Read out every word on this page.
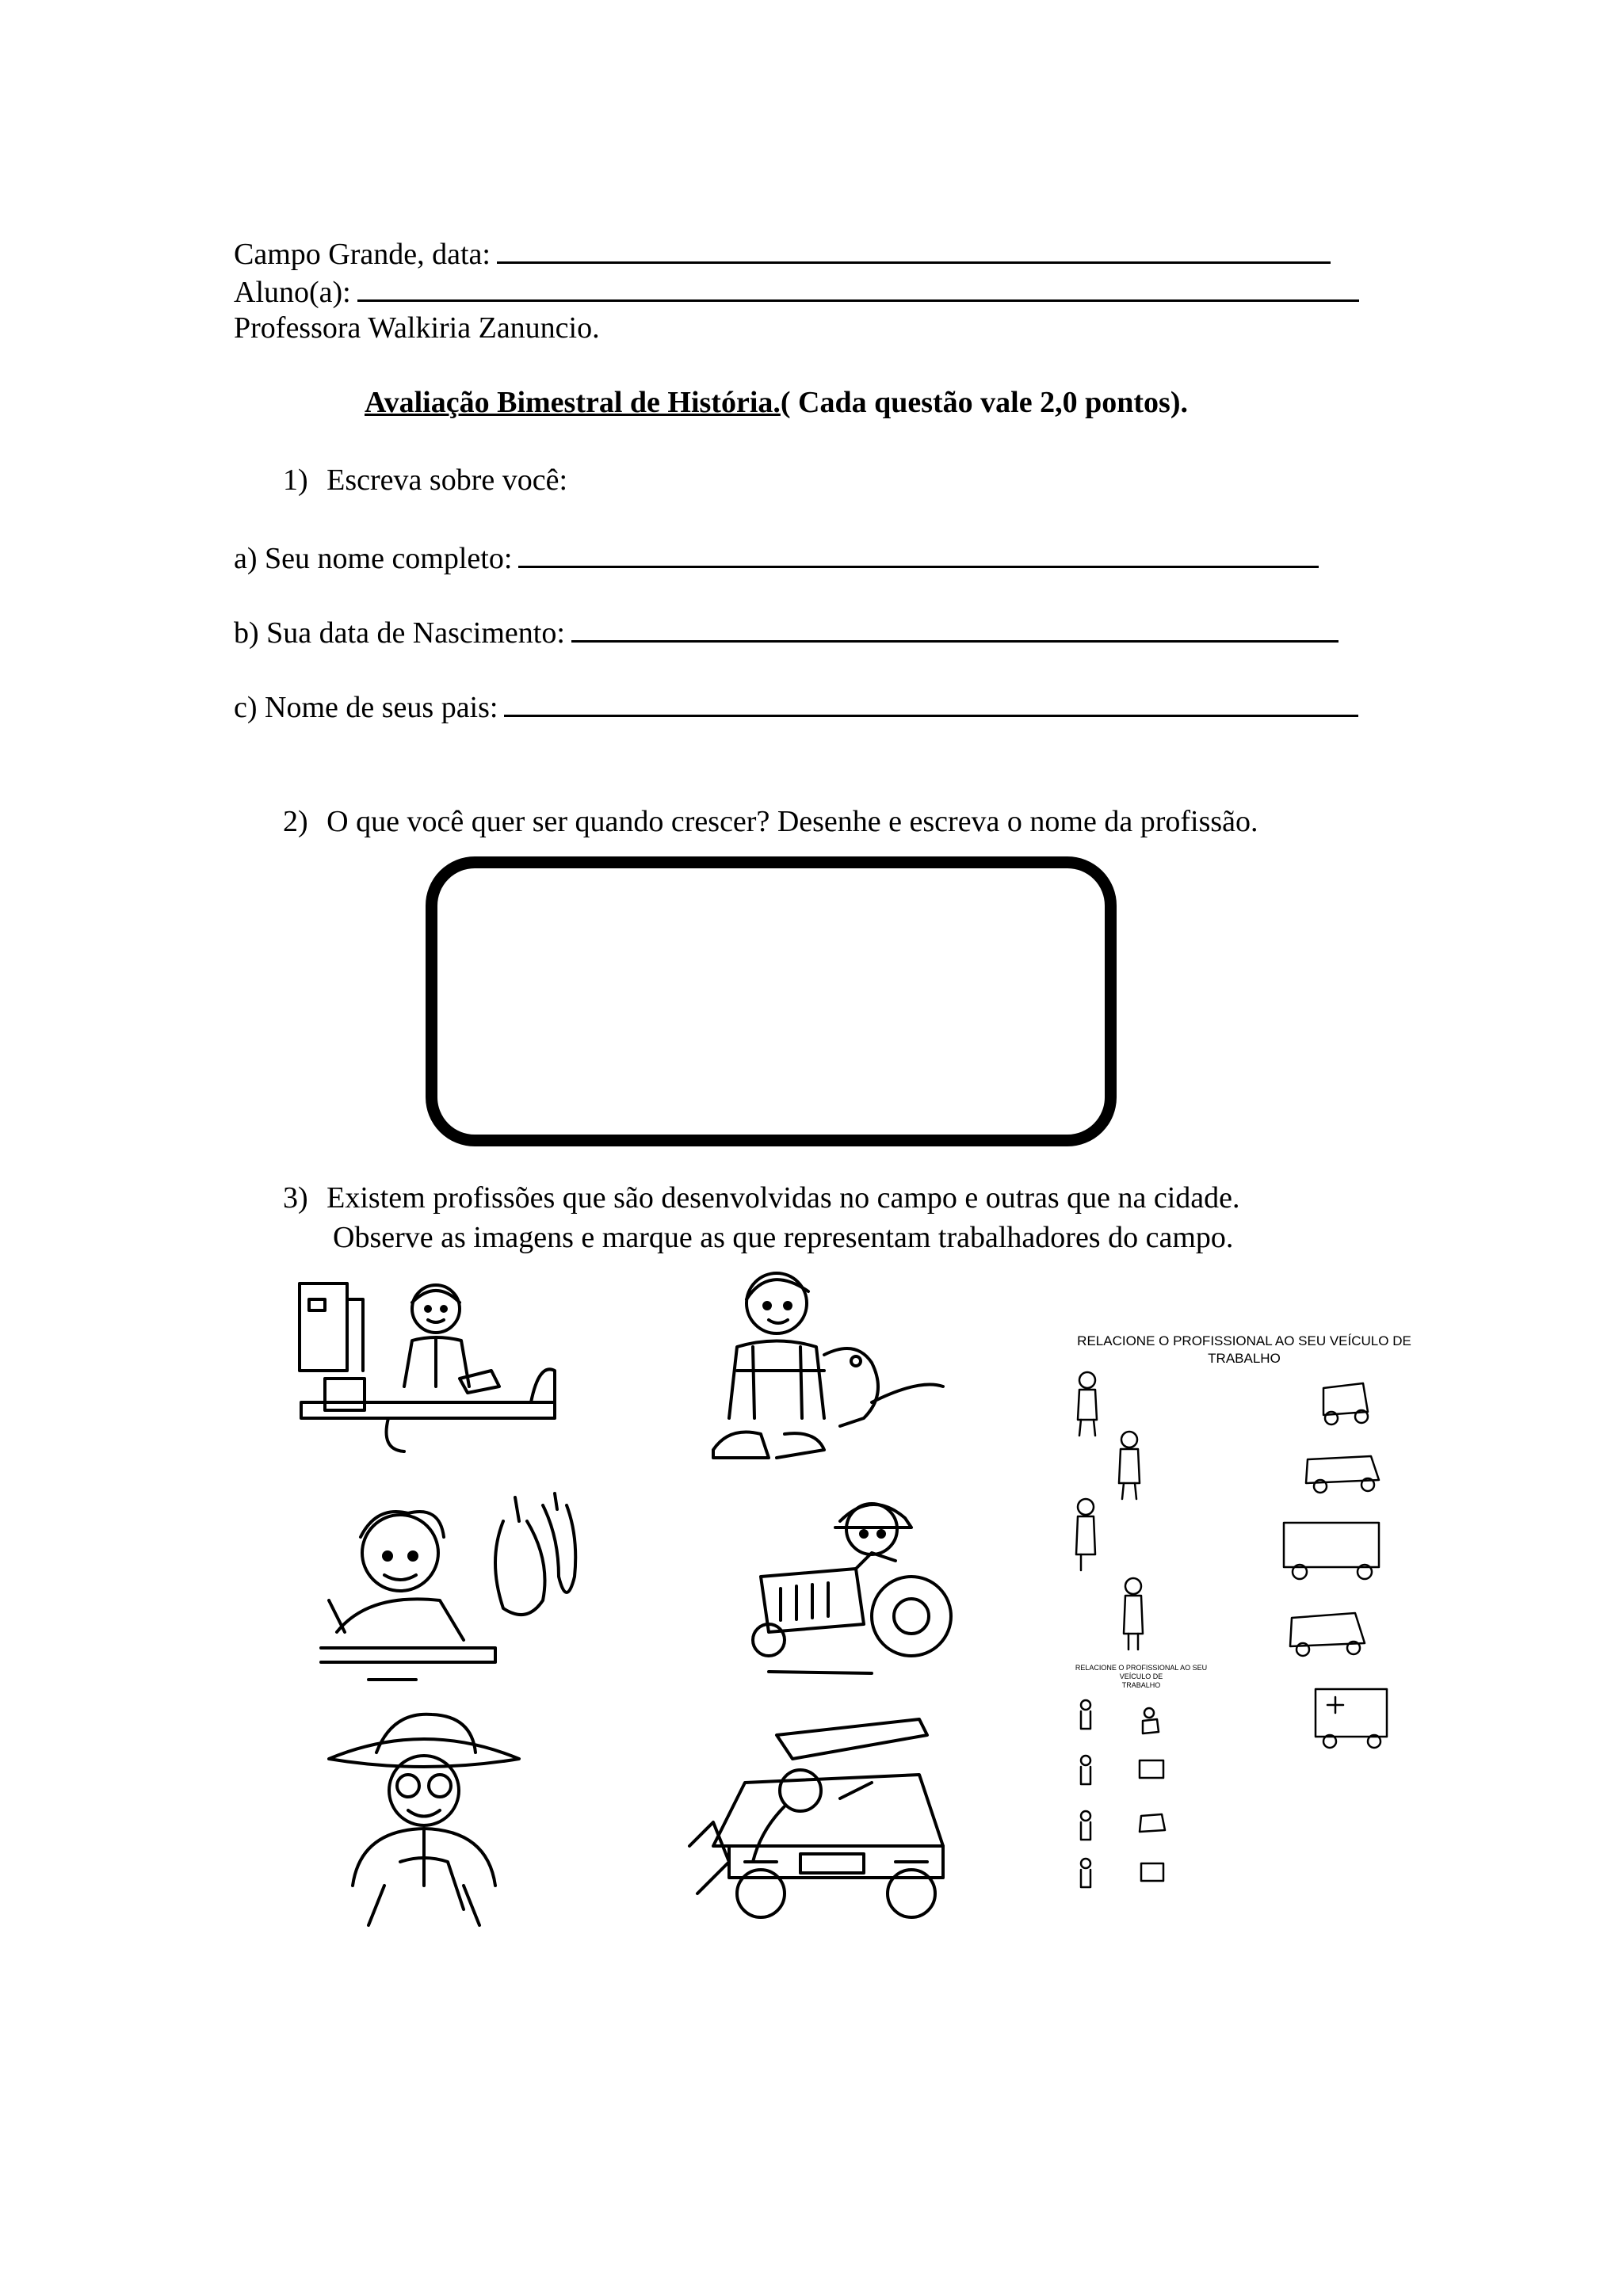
Campo Grande, data:
Aluno(a):
Professora Walkiria Zanuncio.
Avaliação Bimestral de História.( Cada questão vale 2,0 pontos).
1) Escreva sobre você:
a) Seu nome completo:
b) Sua data de Nascimento:
c) Nome de seus pais:
2) O que você quer ser quando crescer? Desenhe e escreva o nome da profissão.
3) Existem profissões que são desenvolvidas no campo e outras que na cidade.
Observe as imagens e marque as que representam trabalhadores do campo.
RELACIONE O PROFISSIONAL AO SEU VEÍCULO DE
TRABALHO
RELACIONE O PROFISSIONAL AO SEU VEÍCULO DE
TRABALHO
